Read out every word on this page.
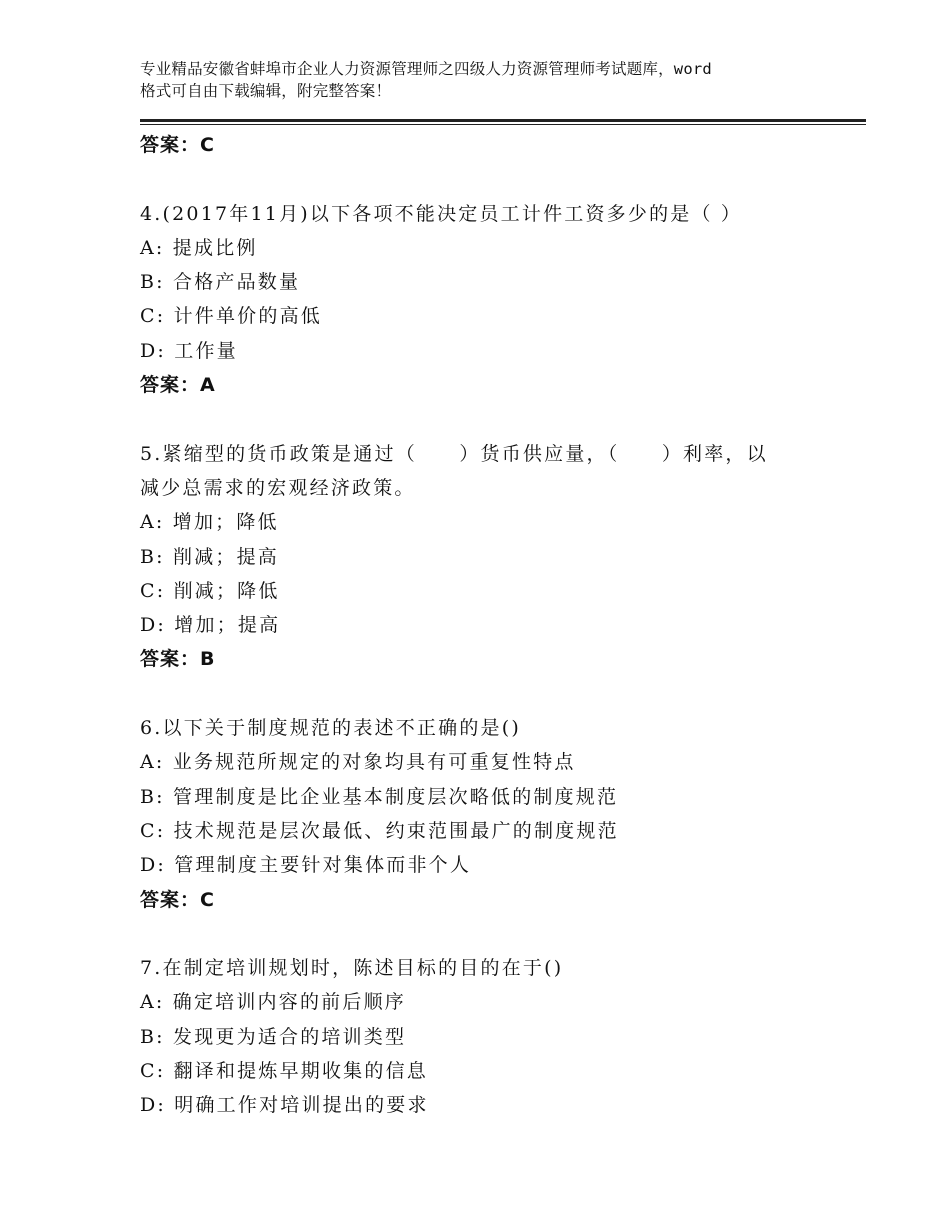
专业精品安徽省蚌埠市企业人力资源管理师之四级人力资源管理师考试题库，word
格式可自由下载编辑，附完整答案！
答案：C
4.(2017年11月)以下各项不能决定员工计件工资多少的是（ ）
A: 提成比例
B: 合格产品数量
C: 计件单价的高低
D: 工作量
答案：A
5.紧缩型的货币政策是通过（　　）货币供应量，（　　）利率，以
减少总需求的宏观经济政策。
A: 增加；降低
B: 削减；提高
C: 削减；降低
D: 增加；提高
答案：B
6.以下关于制度规范的表述不正确的是()
A: 业务规范所规定的对象均具有可重复性特点
B: 管理制度是比企业基本制度层次略低的制度规范
C: 技术规范是层次最低、约束范围最广的制度规范
D: 管理制度主要针对集体而非个人
答案：C
7.在制定培训规划时，陈述目标的目的在于()
A: 确定培训内容的前后顺序
B: 发现更为适合的培训类型
C: 翻译和提炼早期收集的信息
D: 明确工作对培训提出的要求
